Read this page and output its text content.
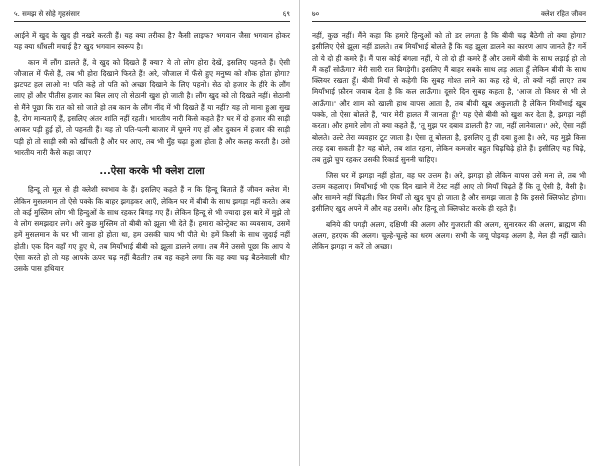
५. समझ से सोहे गृहसंसार	६९

आईने में खुद के खुद ही नखरे करती हैं। यह क्या तरीका है? कैसी लाइफ? भगवान जैसा भगवान होकर यह क्या धाँधली मचाई है? खुद भगवान स्वरूप है।

कान में लौंग डालते हैं, वे खुद को दिखते हैं क्या? ये तो लोग होरा देखें, इसलिए पहनते हैं। ऐसी जौजाल में फँसे हैं, तब भी होरा दिखाने फिरते हैं! अरे, जौजाल में फँसे हुए मनुष्य को शौक होता होगा? झटपट हल लाओ न! पति कहे तो पति को अच्छा दिखाने के लिए पहनो। सेठ दो हजार के हीरे के लौंग लाए हों और पीतीस हजार का बिल लाए तो सेठानी खुश हो जाती है। लौंग खुद को तो दिखते नहीं। सेठानी से मैंने पूछा कि रात को सो जाते हो तब कान के लौंग नींद में भी दिखते हैं या नहीं? यह तो माना हुआ सुख है, रोग मान्यताएँ हैं, इसलिए अंतर शांति नहीं रहती। भारतीय नारी किसे कहते हैं? घर में दो हजार की साड़ी आकर पड़ी हुई हों, तो पहनती हैं। यह तो पति-पत्नी बाजार में घूमने गए हों और दुकान में हजार की साड़ी पड़ी हो तो साड़ी स्त्री को खींचती है और घर आए, तब भी मुँह चढ़ा हुआ होता है और कलह करती है। उसे भारतीय नारी कैसे कहा जाए?

...ऐसा करके भी क्लेश टाला

हिन्दू तो मूल से ही क्लेशी स्वभाव के हैं। इसलिए कहते हैं न कि हिन्दू बिताते हैं जीवन क्लेश में! लेकिन मुसलमान तो ऐसे पक्के कि बाहर झगड़कर आएँ, लेकिन घर में बीबी के साथ झगड़ा नहीं करते। अब तो कई मुस्लिम लोग भी हिन्दुओं के साथ रहकर बिगड़ गए हैं। लेकिन हिन्दू से भी ज्यादा इस बारे में मुझे तो वे लोग समझदार लगे। अरे कुछ मुस्लिम तो बीबी को झूला भी देते हैं। हमारा कोन्ट्रेक्ट का व्यवसाय, उसमें हमें मुसलमान के घर भी जाना हो होता था, हम उसकी चाय भी पीते थे! हमें किसी के साथ जुदाई नहीं होती। एक दिन वहाँ गए हुए थे, तब मियाँभाई बीबी को झूला डालने लगा। तब मैंने उससे पूछा कि आप ये ऐसा करते हो तो यह आपके ऊपर चढ़ नहीं बैठती? तब वह कहने लगा कि वह क्या चढ़ बैठनेवाली थी? उसके पास हथियार

७०	क्लेश रहित जीवन

नहीं, कुछ नहीं। मैंने कहा कि हमारे हिन्दुओं को तो डर लगता है कि बीवी चढ़ बैठेगी तो क्या होगा? इसीलिए ऐसे झूला नहीं डालते। तब मियाँभाई बोलते हैं कि यह झूला डालने का कारण आप जानते हैं? गर्ने तो ये दो ही कमरे हैं। मैं पास कोई बंगला नहीं, ये तो दो ही कमरे हैं और उसमें बीवी के साथ लड़ाई हो तो मैं कहाँ सोऊँगा? मेरी सारी रात बिगड़ेगी। इसलिए मैं बाहर सबके साथ लड़ आता हूँ लेकिन बीवी के साथ क्लियर रखता हूँ। बीवी मियाँ से कहेगी कि सुबह गोश्त लाने का कह रहे थे, तो क्यों नहीं लाए? तब मियाँभाई फ़ौरन जवाब देता है कि कल लाऊँगा। दूसरे दिन सुबह कहता है, 'आज तो किधर से भी ले आऊँगा।' और शाम को खाली हाथ वापस आता है, तब बीवी खूब अकुलाती है लेकिन मियाँभाई खूब पक्के, तो ऐसा बोलते हैं, 'यार मेरी हालत मैं जानता हूँ!' यह ऐसे बीवी को खुश कर देता है, झगड़ा नहीं करता। और हमारे लोग तो क्या कहते हैं, 'तू मुझ पर दबाव डालती है? जा, नहीं लानेवाला।' अरे, ऐसा नहीं बोलते। उल्टे तेरा व्यवहार टूट जाता है। ऐसा तू बोलता है, इसलिए तू ही दबा हुआ है। अरे, यह मुझे किस तरह दबा सकती है? यह बोले, तब शांत रहना, लेकिन कमजोर बहुत चिढ़चिढ़े होते हैं। इसीलिए यह चिढ़े, तब तुझे चुप रहकर उसकी रिकार्ड सुननी चाहिए।

जिस घर में झगड़ा नहीं होता, वह घर उत्तम है। अरे, झगड़ा हो लेकिन वापस उसे मना ले, तब भी उत्तम कहलाए। मियाँभाई भी एक दिन खाने में टेस्ट नहीं आए तो मियाँ चिढ़ते हैं कि तू ऐसी है, वैसी है। और सामने नहीं चिढ़ती। फिर मियाँ तो खुद चुप हो जाता है और समझ जाता है कि इससे क्लिफोट होगा। इसीलिए खुद अपने में और वह उसमें। और हिन्दू तो क्लिफोट करके ही रहते हैं।

बनिये की पगड़ी अलग, दक्षिणी की अलग और गुजराती की अलग, सुनारकर की अलग, ब्राह्मण की अलग, हरएक की अलग। चूल्हे-चूल्हे का धरम अलग। सभी के जयू पोइयड़ अलग है, मेल ही नहीं खाते। लेकिन झगड़ा न करें तो अच्छा।
